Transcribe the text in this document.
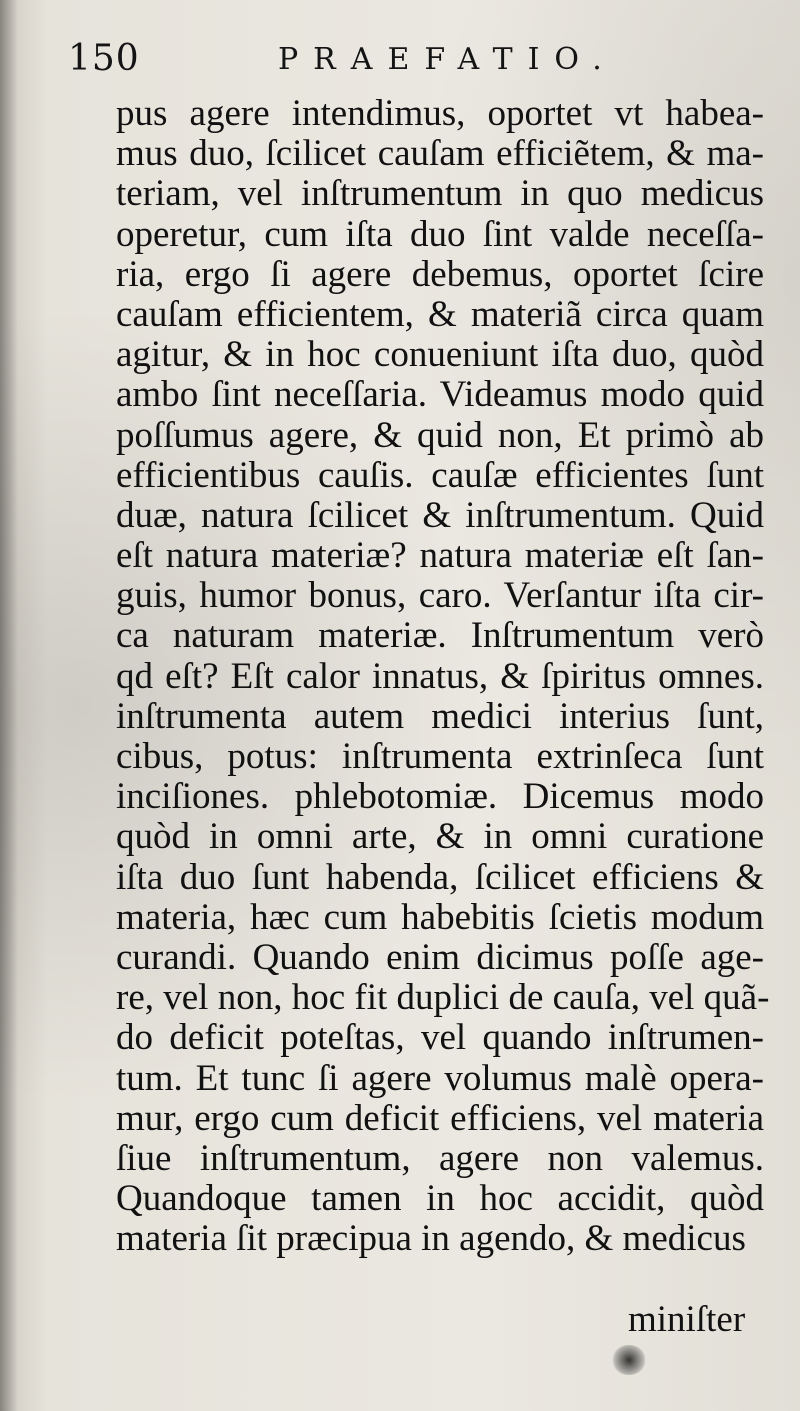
150	PRAEFATIO.
pus agere intendimus, oportet vt habea-
mus duo, ſcilicet cauſam efficiẽtem, & ma-
teriam, vel inſtrumentum in quo medicus
operetur, cum iſta duo ſint valde neceſſa-
ria, ergo ſi agere debemus, oportet ſcire
cauſam efficientem, & materiã circa quam
agitur, & in hoc conueniunt iſta duo, quòd
ambo ſint neceſſaria. Videamus modo quid
poſſumus agere, & quid non, Et primò ab
efficientibus cauſis. cauſæ efficientes ſunt
duæ, natura ſcilicet & inſtrumentum. Quid
eſt natura materiæ? natura materiæ eſt ſan-
guis, humor bonus, caro. Verſantur iſta cir-
ca naturam materiæ. Inſtrumentum verò
qd eſt? Eſt calor innatus, & ſpiritus omnes.
inſtrumenta autem medici interius ſunt,
cibus, potus: inſtrumenta extrinſeca ſunt
inciſiones. phlebotomiæ. Dicemus modo
quòd in omni arte, & in omni curatione
iſta duo ſunt habenda, ſcilicet efficiens &
materia, hæc cum habebitis ſcietis modum
curandi. Quando enim dicimus poſſe age-
re, vel non, hoc fit duplici de cauſa, vel quã-
do deficit poteſtas, vel quando inſtrumen-
tum. Et tunc ſi agere volumus malè opera-
mur, ergo cum deficit efficiens, vel materia
ſiue inſtrumentum, agere non valemus.
Quandoque tamen in hoc accidit, quòd
materia ſit præcipua in agendo, & medicus
miniſter
